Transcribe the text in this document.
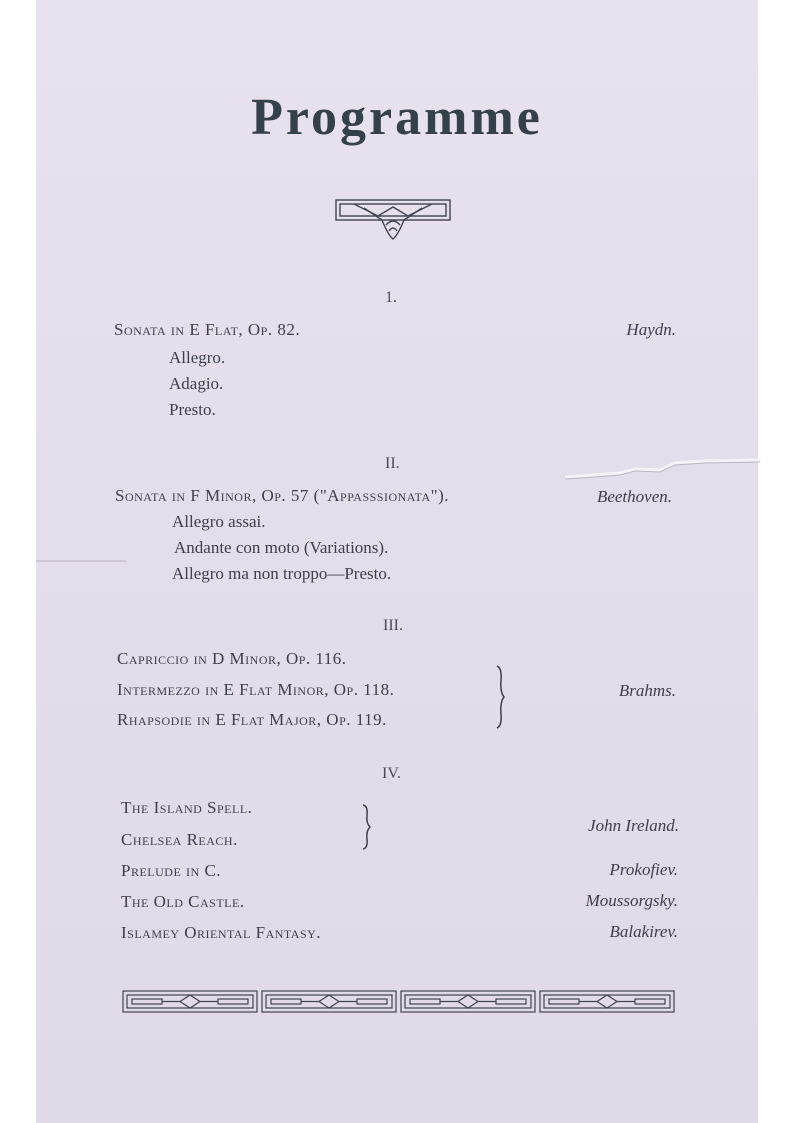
Programme
1.
Sonata in E Flat, Op. 82.	Haydn.
Allegro.
Adagio.
Presto.
II.
Sonata in F Minor, Op. 57 ("Appasssionata").	Beethoven.
Allegro assai.
Andante con moto (Variations).
Allegro ma non troppo—Presto.
III.
Capriccio in D Minor, Op. 116.
Intermezzo in E Flat Minor, Op. 118.
Rhapsodie in E Flat Major, Op. 119.
Brahms.
IV.
The Island Spell.
Chelsea Reach.
John Ireland.
Prelude in C.	Prokofiev.
The Old Castle.	Moussorgsky.
Islamey Oriental Fantasy.	Balakirev.
